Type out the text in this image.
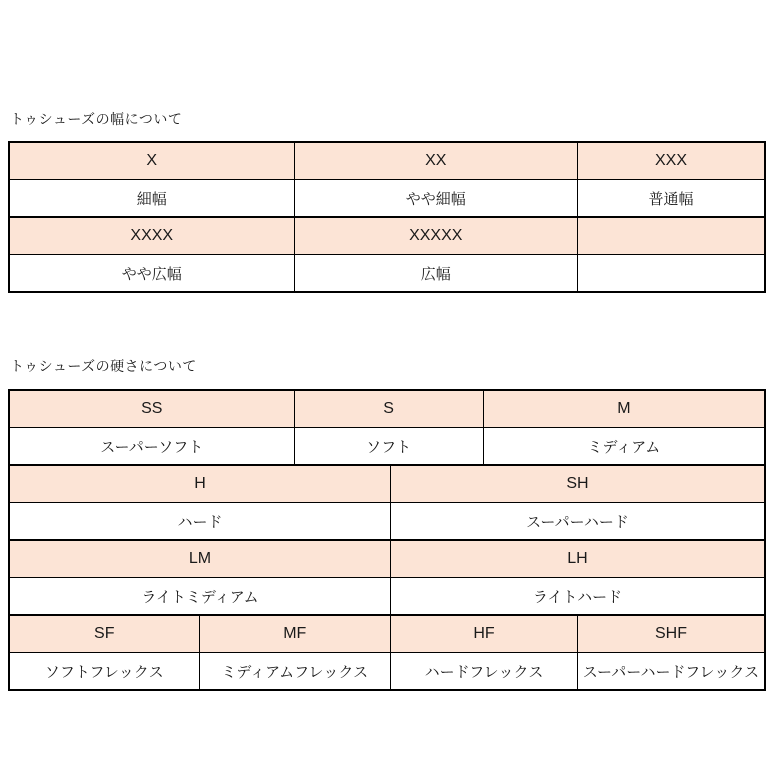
トゥシューズの幅について
X	XX	XXX
細幅	やや細幅	普通幅
XXXX	XXXXX
やや広幅	広幅
トゥシューズの硬さについて
SS	S	M
スーパーソフト	ソフト	ミディアム
H	SH
ハード	スーパーハード
LM	LH
ライトミディアム	ライトハード
SF	MF	HF	SHF
ソフトフレックス	ミディアムフレックス	ハードフレックス	スーパーハードフレックス
